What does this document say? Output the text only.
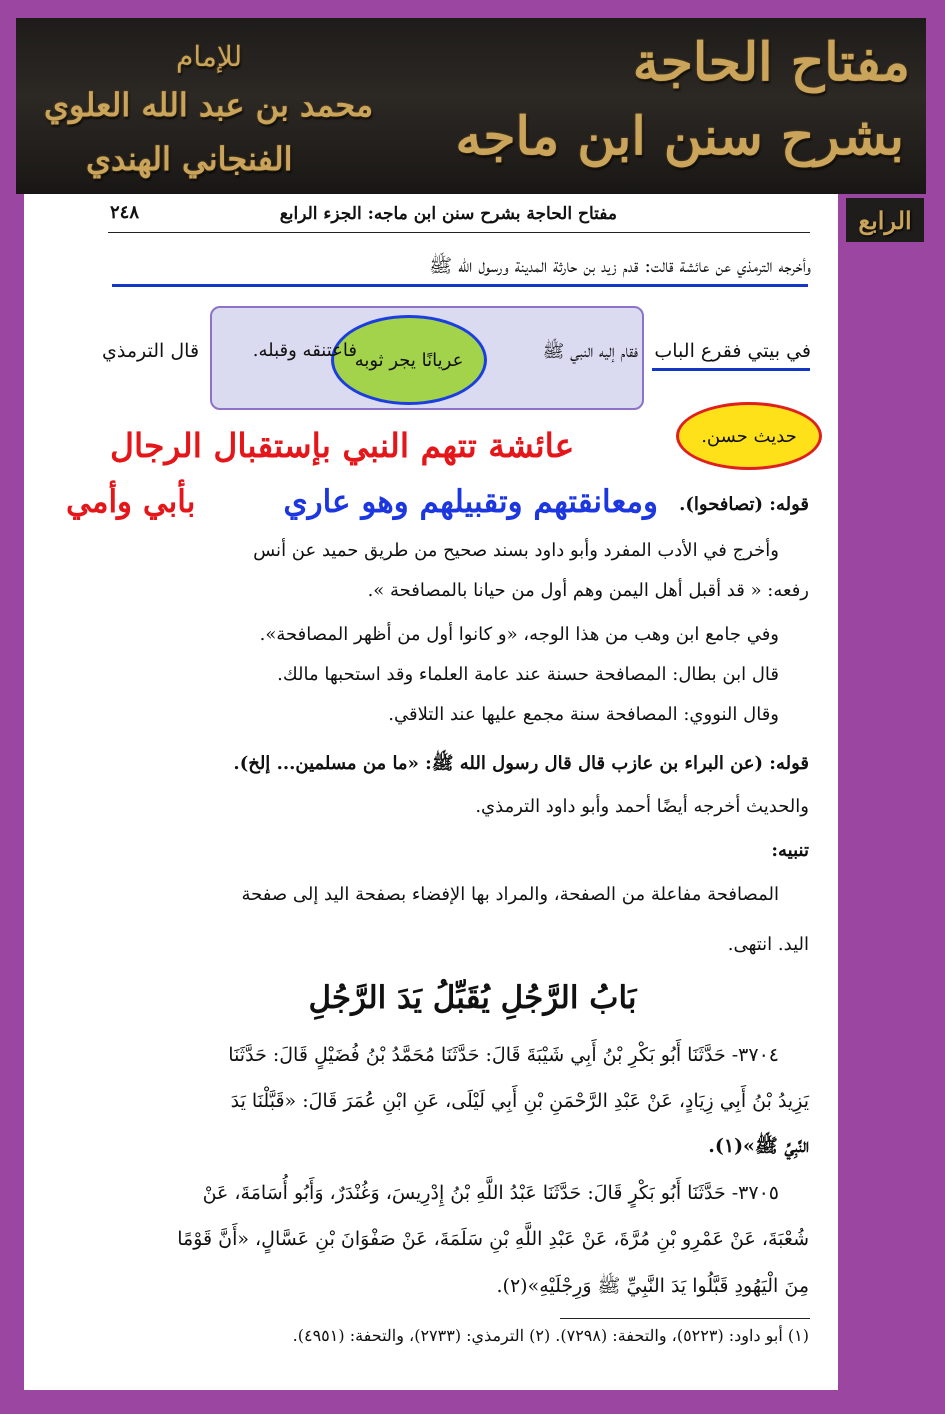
مفتاح الحاجة
بشرح سنن ابن ماجه
للإمام
محمد بن عبد الله العلوي
الفنجاني الهندي
الرابع
مفتاح الحاجة بشرح سنن ابن ماجه: الجزء الرابع
٢٤٨
وأخرجه الترمذي عن عائشة قالت: قدم زيد بن حارثة المدينة ورسول الله ﷺ
في بيتي فقرع الباب
فقام إليه النبي ﷺ
عريانًا يجر ثوبه
فاعتنقه وقبله.
قال الترمذي
حديث حسن.
عائشة تتهم النبي بإستقبال الرجال
قوله: (تصافحوا).
ومعانقتهم وتقبيلهم وهو عاري
بأبي وأمي
وأخرج في الأدب المفرد وأبو داود بسند صحيح من طريق حميد عن أنس
رفعه: « قد أقبل أهل اليمن وهم أول من حيانا بالمصافحة ».
وفي جامع ابن وهب من هذا الوجه، «و كانوا أول من أظهر المصافحة».
قال ابن بطال: المصافحة حسنة عند عامة العلماء وقد استحبها مالك.
وقال النووي: المصافحة سنة مجمع عليها عند التلاقي.
قوله: (عن البراء بن عازب قال قال رسول الله ﷺ: «ما من مسلمين... إلخ).
والحديث أخرجه أيضًا أحمد وأبو داود الترمذي.
تنبيه:
المصافحة مفاعلة من الصفحة، والمراد بها الإفضاء بصفحة اليد إلى صفحة
اليد. انتهى.
بَابُ الرَّجُلِ يُقَبِّلُ يَدَ الرَّجُلِ
٣٧٠٤- حَدَّثَنَا أَبُو بَكْرِ بْنُ أَبِي شَيْبَةَ قَالَ: حَدَّثَنَا مُحَمَّدُ بْنُ فُضَيْلٍ قَالَ: حَدَّثَنَا
يَزِيدُ بْنُ أَبِي زِيَادٍ، عَنْ عَبْدِ الرَّحْمَنِ بْنِ أَبِي لَيْلَى، عَنِ ابْنِ عُمَرَ قَالَ: «قَبَّلْنَا يَدَ
النَّبِيِّ ﷺ»(١).
٣٧٠٥- حَدَّثَنَا أَبُو بَكْرٍ قَالَ: حَدَّثَنَا عَبْدُ اللَّهِ بْنُ إِدْرِيسَ، وَغُنْدَرٌ، وَأَبُو أُسَامَةَ، عَنْ
شُعْبَةَ، عَنْ عَمْرِو بْنِ مُرَّةَ، عَنْ عَبْدِ اللَّهِ بْنِ سَلَمَةَ، عَنْ صَفْوَانَ بْنِ عَسَّالٍ، «أَنَّ قَوْمًا
مِنَ الْيَهُودِ قَبَّلُوا يَدَ النَّبِيِّ ﷺ وَرِجْلَيْهِ»(٢).
(١) أبو داود: (٥٢٢٣)، والتحفة: (٧٢٩٨). (٢) الترمذي: (٢٧٣٣)، والتحفة: (٤٩٥١).
